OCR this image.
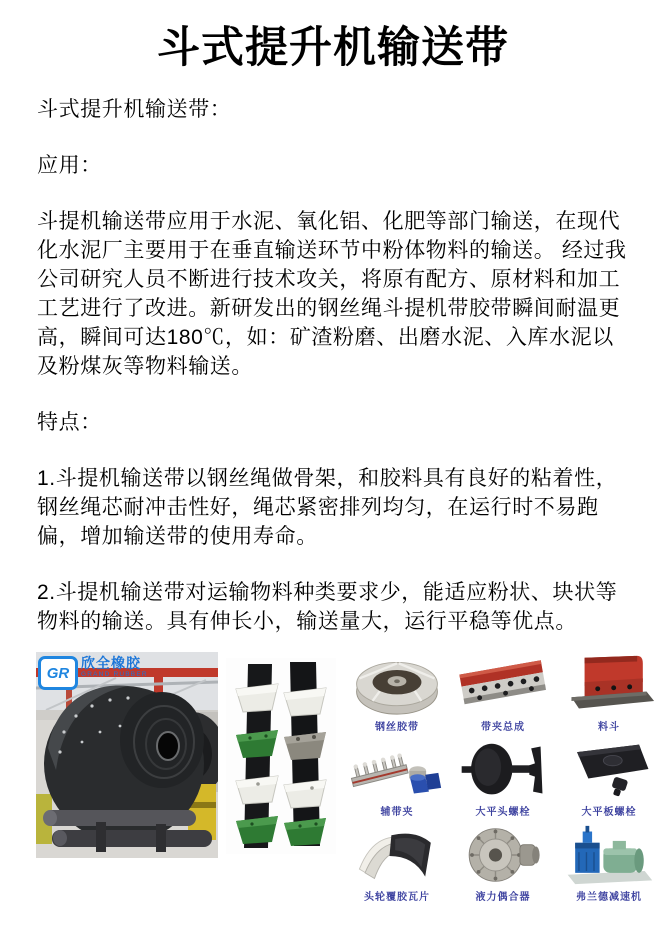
斗式提升机输送带

斗式提升机输送带：

应用：

斗提机输送带应用于水泥、氧化铝、化肥等部门输送，在现代化水泥厂主要用于在垂直输送环节中粉体物料的输送。 经过我公司研究人员不断进行技术攻关，将原有配方、原材料和加工工艺进行了改进。新研发出的钢丝绳斗提机带胶带瞬间耐温更高，瞬间可达180℃，如：矿渣粉磨、出磨水泥、入库水泥以及粉煤灰等物料输送。

特点：

1.斗提机输送带以钢丝绳做骨架，和胶料具有良好的粘着性，钢丝绳芯耐冲击性好，绳芯紧密排列均匀，在运行时不易跑偏，增加输送带的使用寿命。

2.斗提机输送带对运输物料种类要求少，能适应粉状、块状等物料的输送。具有伸长小，输送量大，运行平稳等优点。

GR
欣全橡胶
GRAND RUBBER
钢丝胶带	带夹总成	料斗
辅带夹	大平头螺栓	大平板螺栓
头轮覆胶瓦片	液力偶合器	弗兰德减速机
